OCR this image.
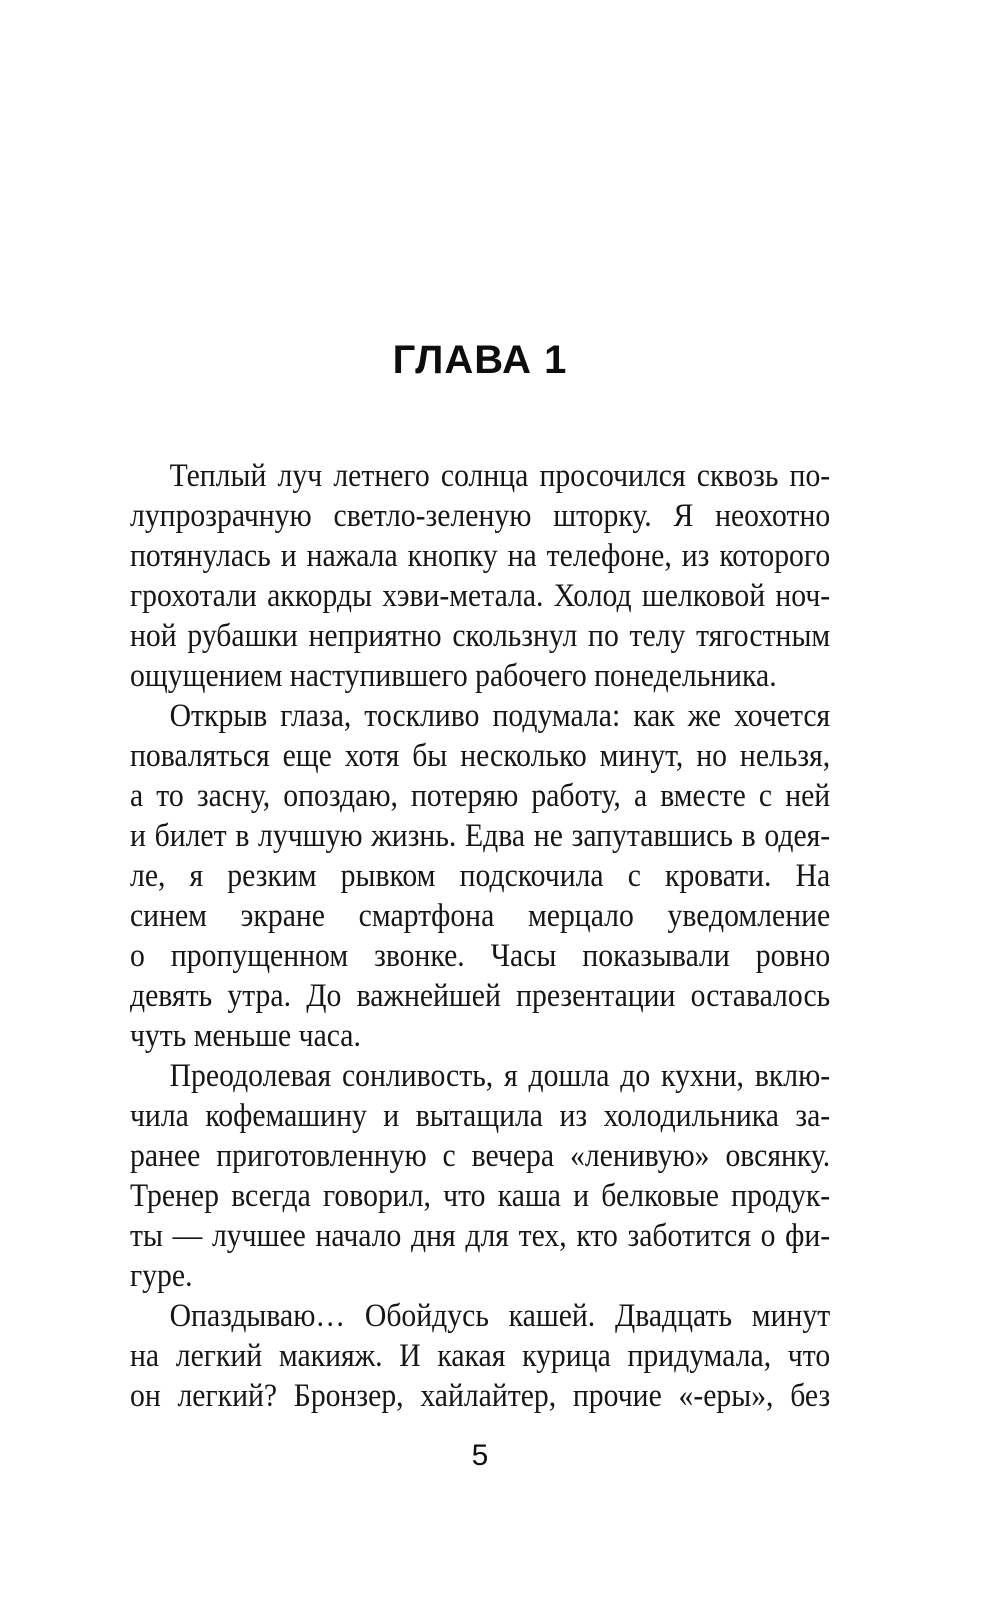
ГЛАВА 1
Теплый луч летнего солнца просочился сквозь по-
лупрозрачную светло-зеленую шторку. Я неохотно
потянулась и нажала кнопку на телефоне, из которого
грохотали аккорды хэви-метала. Холод шелковой ноч-
ной рубашки неприятно скользнул по телу тягостным
ощущением наступившего рабочего понедельника.
Открыв глаза, тоскливо подумала: как же хочется
поваляться еще хотя бы несколько минут, но нельзя,
а то засну, опоздаю, потеряю работу, а вместе с ней
и билет в лучшую жизнь. Едва не запутавшись в одея-
ле, я резким рывком подскочила с кровати. На
синем экране смартфона мерцало уведомление
о пропущенном звонке. Часы показывали ровно
девять утра. До важнейшей презентации оставалось
чуть меньше часа.
Преодолевая сонливость, я дошла до кухни, вклю-
чила кофемашину и вытащила из холодильника за-
ранее приготовленную с вечера «ленивую» овсянку.
Тренер всегда говорил, что каша и белковые продук-
ты — лучшее начало дня для тех, кто заботится о фи-
гуре.
Опаздываю… Обойдусь кашей. Двадцать минут
на легкий макияж. И какая курица придумала, что
он легкий? Бронзер, хайлайтер, прочие «-еры», без
5
